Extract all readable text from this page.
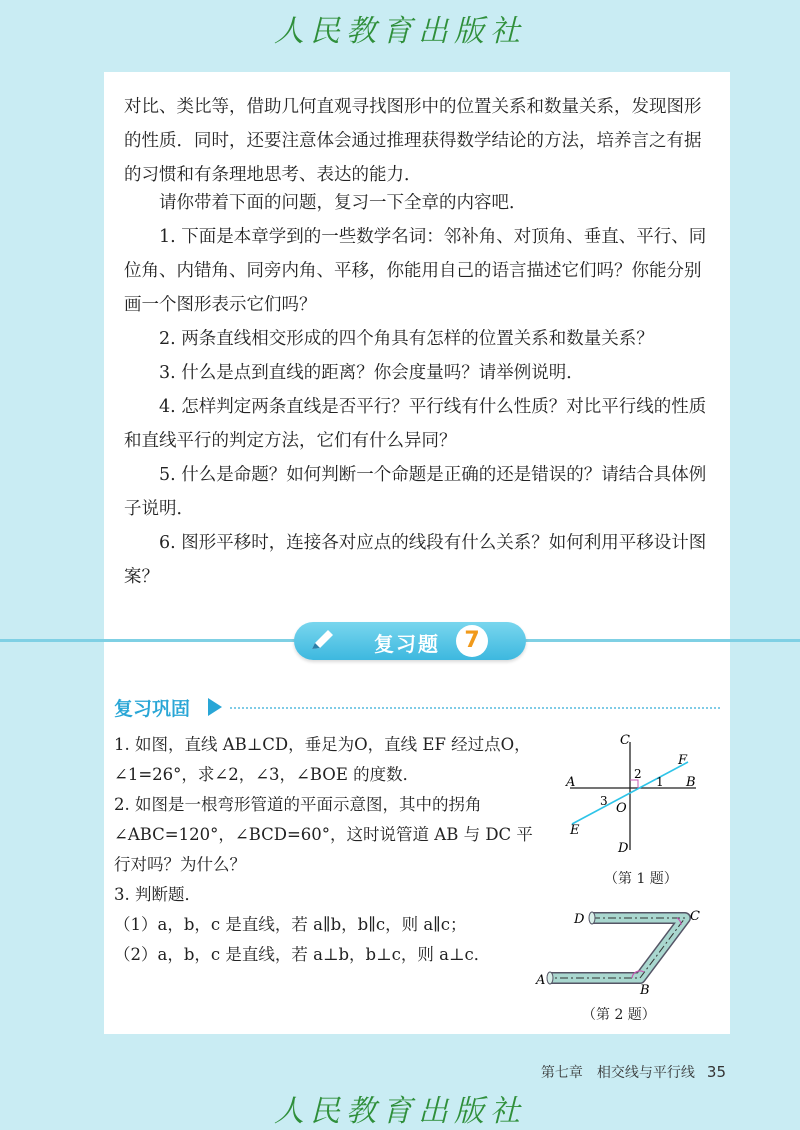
人民教育出版社

对比、类比等，借助几何直观寻找图形中的位置关系和数量关系，发现图形的性质．同时，还要注意体会通过推理获得数学结论的方法，培养言之有据的习惯和有条理地思考、表达的能力．

　　请你带着下面的问题，复习一下全章的内容吧．

　　1. 下面是本章学到的一些数学名词：邻补角、对顶角、垂直、平行、同位角、内错角、同旁内角、平移，你能用自己的语言描述它们吗？你能分别画一个图形表示它们吗？

　　2. 两条直线相交形成的四个角具有怎样的位置关系和数量关系？

　　3. 什么是点到直线的距离？你会度量吗？请举例说明．

　　4. 怎样判定两条直线是否平行？平行线有什么性质？对比平行线的性质和直线平行的判定方法，它们有什么异同？

　　5. 什么是命题？如何判断一个命题是正确的还是错误的？请结合具体例子说明．

　　6. 图形平移时，连接各对应点的线段有什么关系？如何利用平移设计图案？

复习题	7
复习巩固

1. 如图，直线 AB⊥CD，垂足为O，直线 EF 经过点O，∠1=26°，求∠2，∠3，∠BOE 的度数．

2. 如图是一根弯形管道的平面示意图，其中的拐角∠ABC=120°，∠BCD=60°，这时说管道 AB 与 DC 平行对吗？为什么？

3. 判断题．

（1）a，b，c 是直线，若 a∥b，b∥c，则 a∥c；

（2）a，b，c 是直线，若 a⊥b，b⊥c，则 a⊥c．

C
F
A	B
E
D
O
1
2
3
（第 1 题）
D	C
A
B
（第 2 题）
第七章　相交线与平行线 35
人民教育出版社
